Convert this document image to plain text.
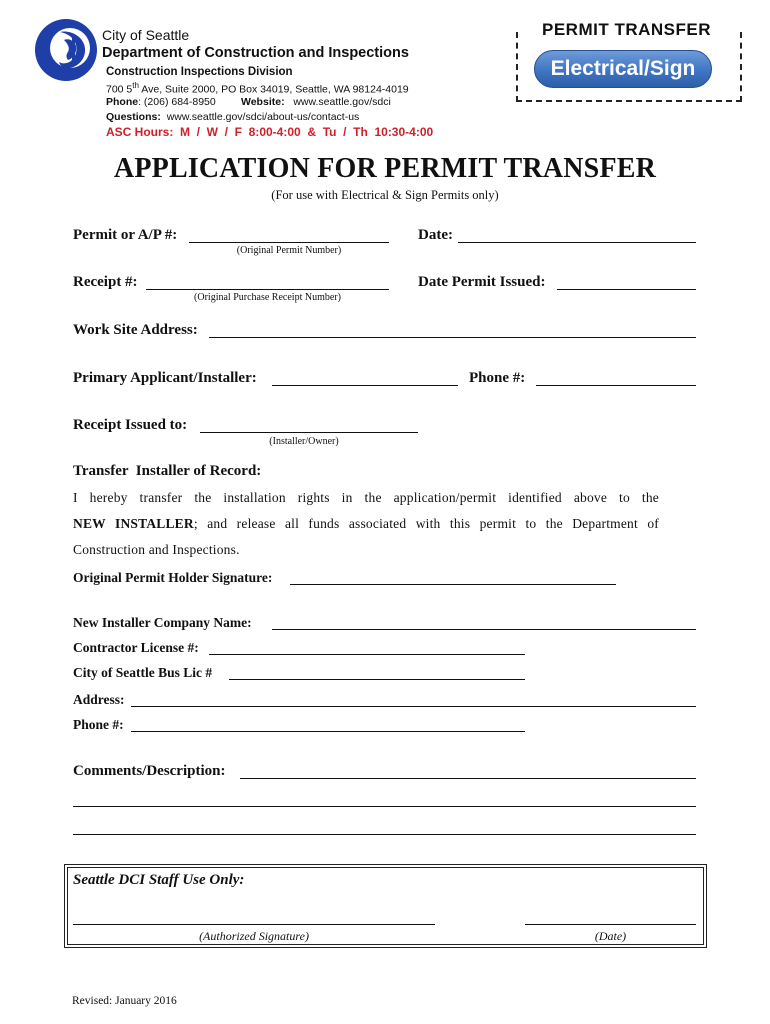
City of Seattle
Department of Construction and Inspections
Construction Inspections Division
700 5th Ave, Suite 2000, PO Box 34019, Seattle, WA 98124-4019
Phone: (206) 684-8950 Website: www.seattle.gov/sdci
Questions: www.seattle.gov/sdci/about-us/contact-us
ASC Hours:  M  /  W  /  F  8:00-4:00  &  Tu  /  Th  10:30-4:00
PERMIT TRANSFER
Electrical/Sign
APPLICATION FOR PERMIT TRANSFER
(For use with Electrical & Sign Permits only)
Permit or A/P #:
(Original Permit Number)
Date:
Receipt #:
(Original Purchase Receipt Number)
Date Permit Issued:
Work Site Address:
Primary Applicant/Installer:	Phone #:
Receipt Issued to:
(Installer/Owner)
Transfer  Installer of Record:
I hereby transfer the installation rights in the application/permit identified above to the
NEW INSTALLER; and release all funds associated with this permit to the Department of
Construction and Inspections.
Original Permit Holder Signature:
New Installer Company Name:
Contractor License #:
City of Seattle Bus Lic #
Address:
Phone #:
Comments/Description:
Seattle DCI Staff Use Only:
(Authorized Signature)	(Date)
Revised: January 2016
